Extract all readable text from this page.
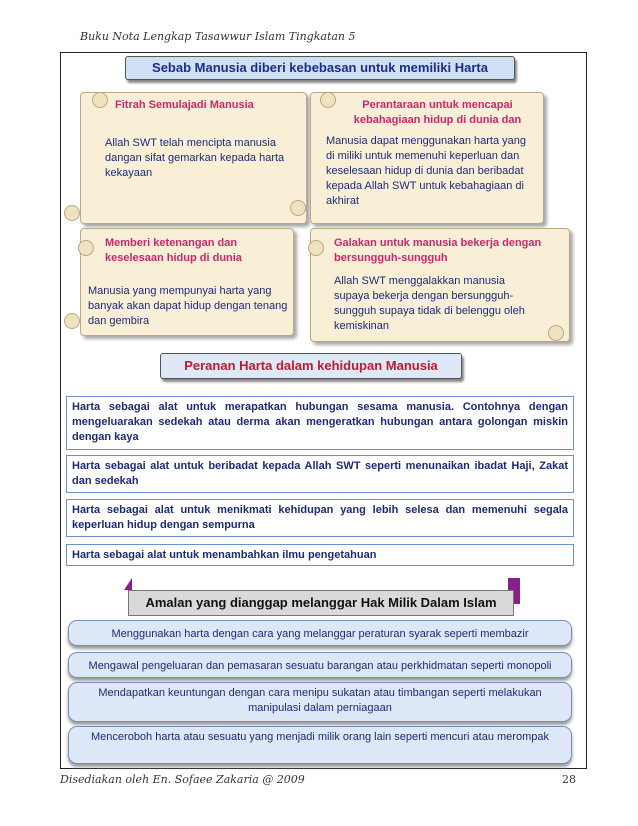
Buku Nota Lengkap Tasawwur Islam Tingkatan 5
Sebab Manusia diberi kebebasan untuk memiliki Harta
Fitrah Semulajadi Manusia
Allah SWT telah mencipta manusia dangan sifat gemarkan kepada harta kekayaan
Perantaraan untuk mencapai kebahagiaan hidup di dunia dan
Manusia dapat menggunakan harta yang di miliki untuk memenuhi keperluan dan keselesaan hidup di dunia dan beribadat kepada Allah SWT untuk kebahagiaan di akhirat
Memberi ketenangan dan keselesaan hidup di dunia
Manusia yang mempunyai harta yang banyak akan dapat hidup dengan tenang dan gembira
Galakan untuk manusia bekerja dengan bersungguh-sungguh
Allah SWT menggalakkan manusia supaya bekerja dengan bersungguh-sungguh supaya tidak di belenggu oleh kemiskinan
Peranan Harta dalam kehidupan Manusia
Harta sebagai alat untuk merapatkan hubungan sesama manusia. Contohnya dengan mengeluarakan sedekah atau derma akan mengeratkan hubungan antara golongan miskin dengan kaya
Harta sebagai alat untuk beribadat kepada Allah SWT seperti menunaikan ibadat Haji, Zakat dan sedekah
Harta sebagai alat untuk menikmati kehidupan yang lebih selesa dan memenuhi segala keperluan hidup dengan sempurna
Harta sebagai alat untuk menambahkan ilmu pengetahuan
Amalan yang dianggap melanggar Hak Milik Dalam Islam
Menggunakan harta dengan cara yang melanggar peraturan syarak seperti membazir
Mengawal pengeluaran dan pemasaran sesuatu barangan atau perkhidmatan seperti monopoli
Mendapatkan keuntungan dengan cara menipu sukatan atau timbangan seperti melakukan manipulasi dalam perniagaan
Menceroboh harta atau sesuatu yang menjadi milik orang lain seperti mencuri atau merompak
Disediakan oleh En. Sofaee Zakaria @ 2009	28
